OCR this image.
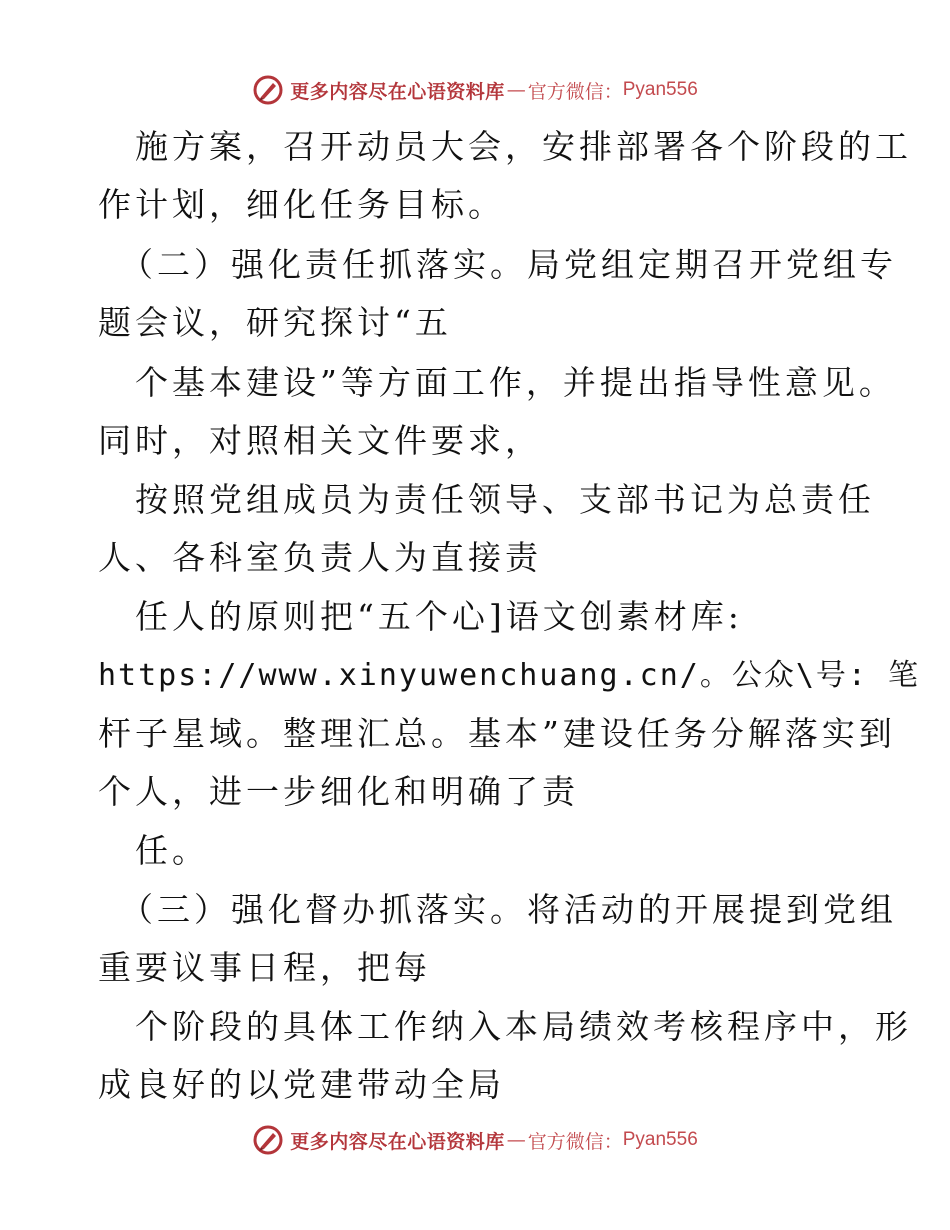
更多内容尽在心语资料库 — 官方微信： Pyan556
施方案，召开动员大会，安排部署各个阶段的工
作计划，细化任务目标。
（二）强化责任抓落实。局党组定期召开党组专
题会议，研究探讨“五
个基本建设”等方面工作，并提出指导性意见。
同时，对照相关文件要求，
按照党组成员为责任领导、支部书记为总责任
人、各科室负责人为直接责
任人的原则把“五个心]语文创素材库:
https://www.xinyuwenchuang.cn/。公众\号: 笔
杆子星域。整理汇总。基本”建设任务分解落实到
个人，进一步细化和明确了责
任。
（三）强化督办抓落实。将活动的开展提到党组
重要议事日程，把每
个阶段的具体工作纳入本局绩效考核程序中，形
成良好的以党建带动全局
更多内容尽在心语资料库 — 官方微信： Pyan556
